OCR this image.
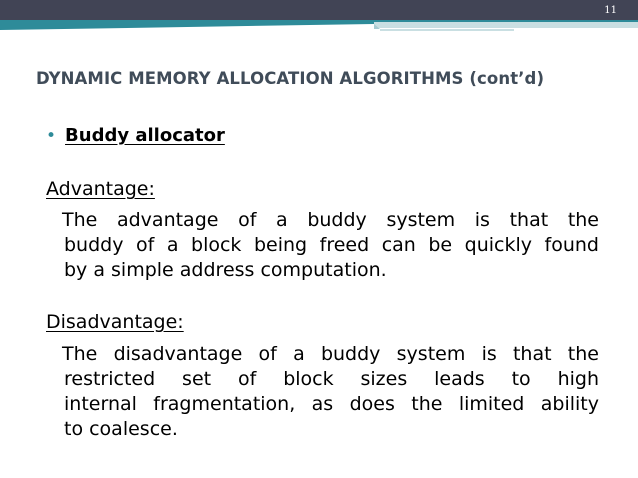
11
DYNAMIC MEMORY ALLOCATION ALGORITHMS (cont’d)
• Buddy allocator
Advantage:
The advantage of a buddy system is that the
buddy of a block being freed can be quickly found
by a simple address computation.
Disadvantage:
The disadvantage of a buddy system is that the
restricted set of block sizes leads to high
internal fragmentation, as does the limited ability
to coalesce.
